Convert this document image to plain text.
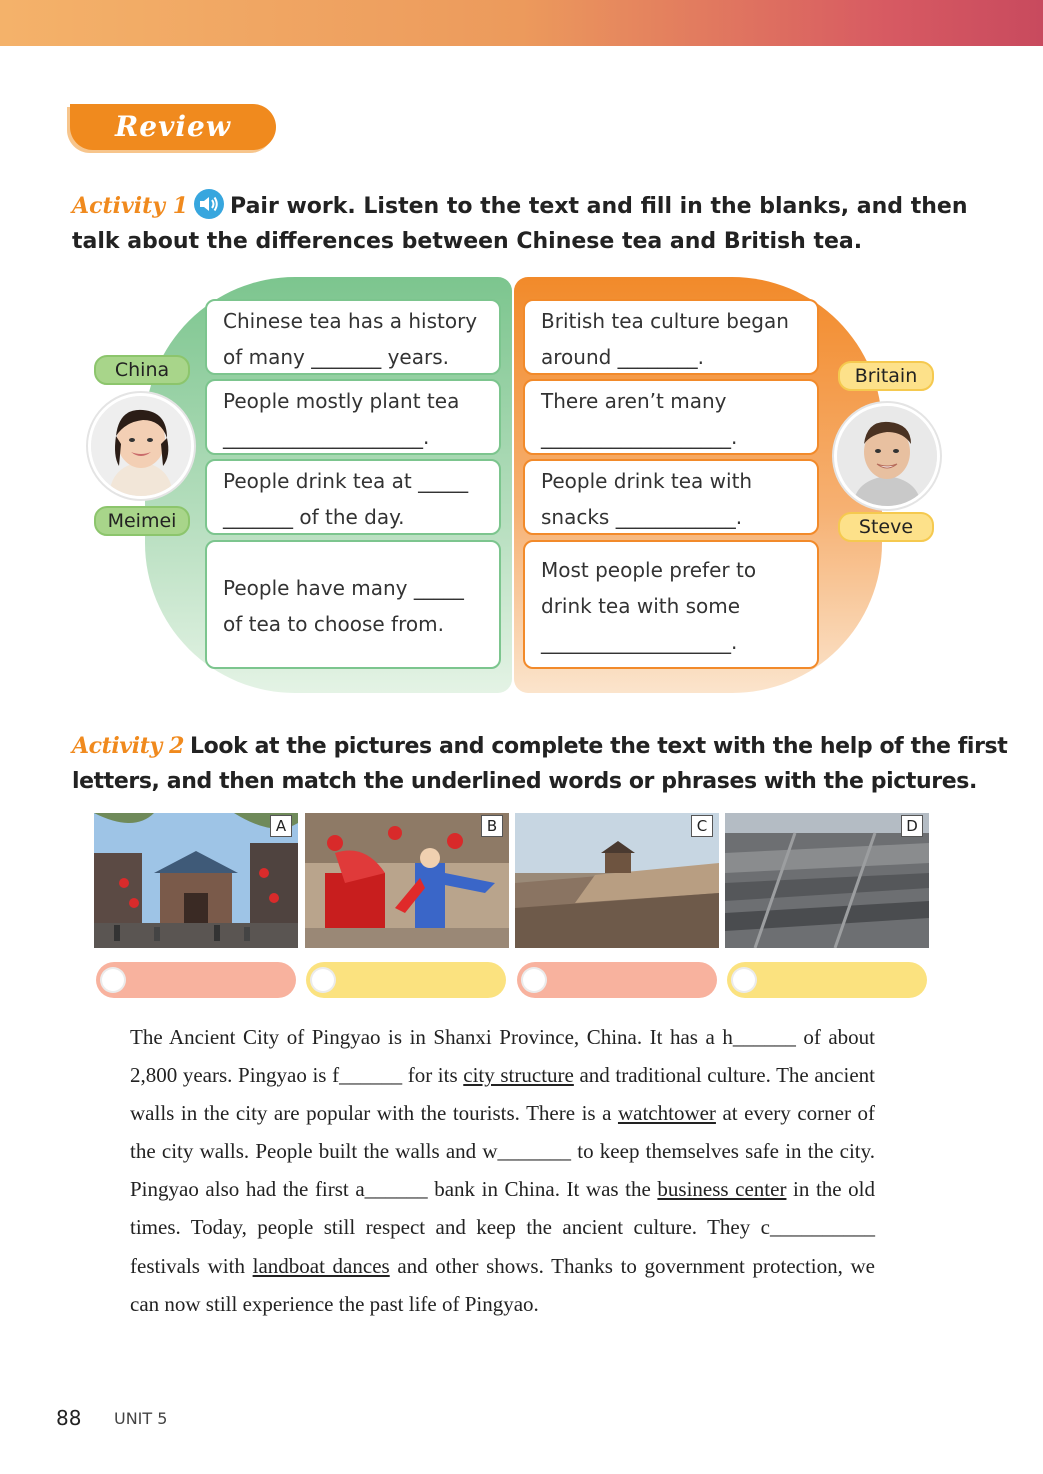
Review
Activity 1 Pair work. Listen to the text and fill in the blanks, and then
talk about the differences between Chinese tea and British tea.
China
Meimei
Britain
Steve

Chinese tea has a history

of many _______ years.

People mostly plant tea

____________________.

People drink tea at _____

_______ of the day.

People have many _____

of tea to choose from.

British tea culture began

around ________.

There aren’t many

___________________.

People drink tea with

snacks ____________.

Most people prefer to

drink tea with some

___________________.

Activity 2 Look at the pictures and complete the text with the help of the first
letters, and then match the underlined words or phrases with the pictures.
A	B	C	D
The Ancient City of Pingyao is in Shanxi Province, China. It has a h______ of about 2,800 years. Pingyao is f______ for its city structure and traditional culture. The ancient walls in the city are popular with the tourists. There is a watchtower at every corner of the city walls. People built the walls and w_______ to keep themselves safe in the city. Pingyao also had the first a______ bank in China. It was the business center in the old times. Today, people still respect and keep the ancient culture. They c__________ festivals with landboat dances and other shows. Thanks to government protection, we can now still experience the past life of Pingyao.
88 UNIT 5
